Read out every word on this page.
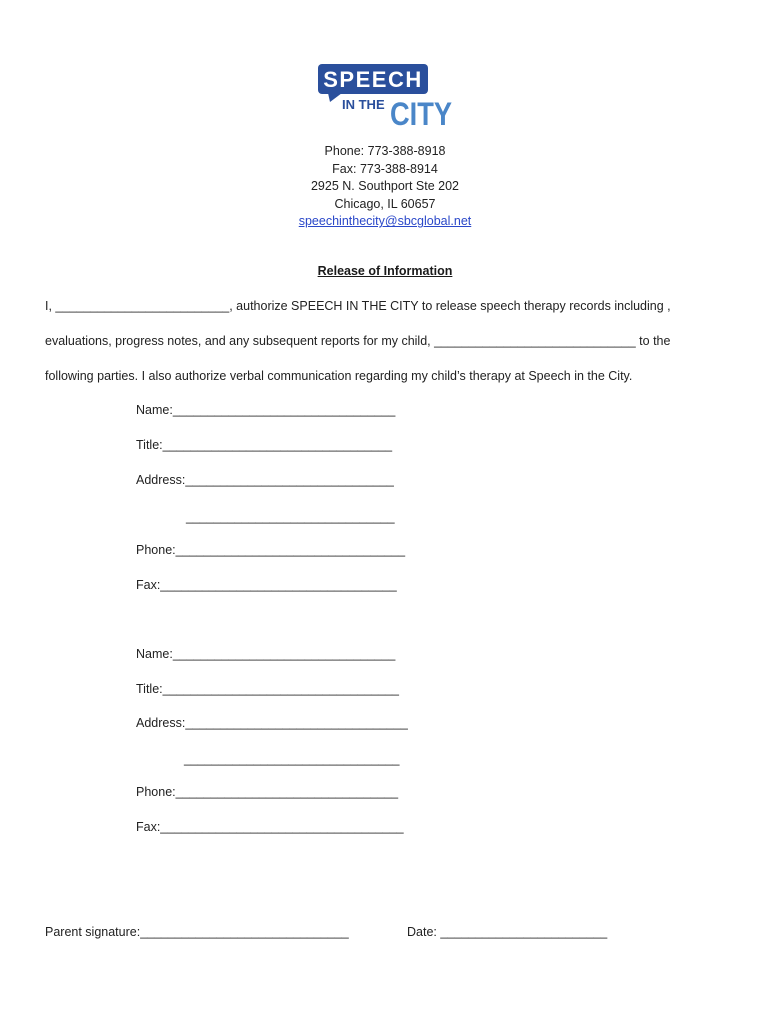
SPEECH
IN THE CITY
Phone: 773-388-8918
Fax: 773-388-8914
2925 N. Southport Ste 202
Chicago, IL 60657
speechinthecity@sbcglobal.net
Release of Information
I, _________________________, authorize SPEECH IN THE CITY to release speech therapy records including ,
evaluations, progress notes, and any subsequent reports for my child, _____________________________ to the
following parties. I also authorize verbal communication regarding my child’s therapy at Speech in the City.
Name:________________________________
Title:_________________________________
Address:______________________________
______________________________
Phone:_________________________________
Fax:__________________________________
Name:________________________________
Title:__________________________________
Address:________________________________
_______________________________
Phone:________________________________
Fax:___________________________________
Parent signature:______________________________	Date: ________________________
